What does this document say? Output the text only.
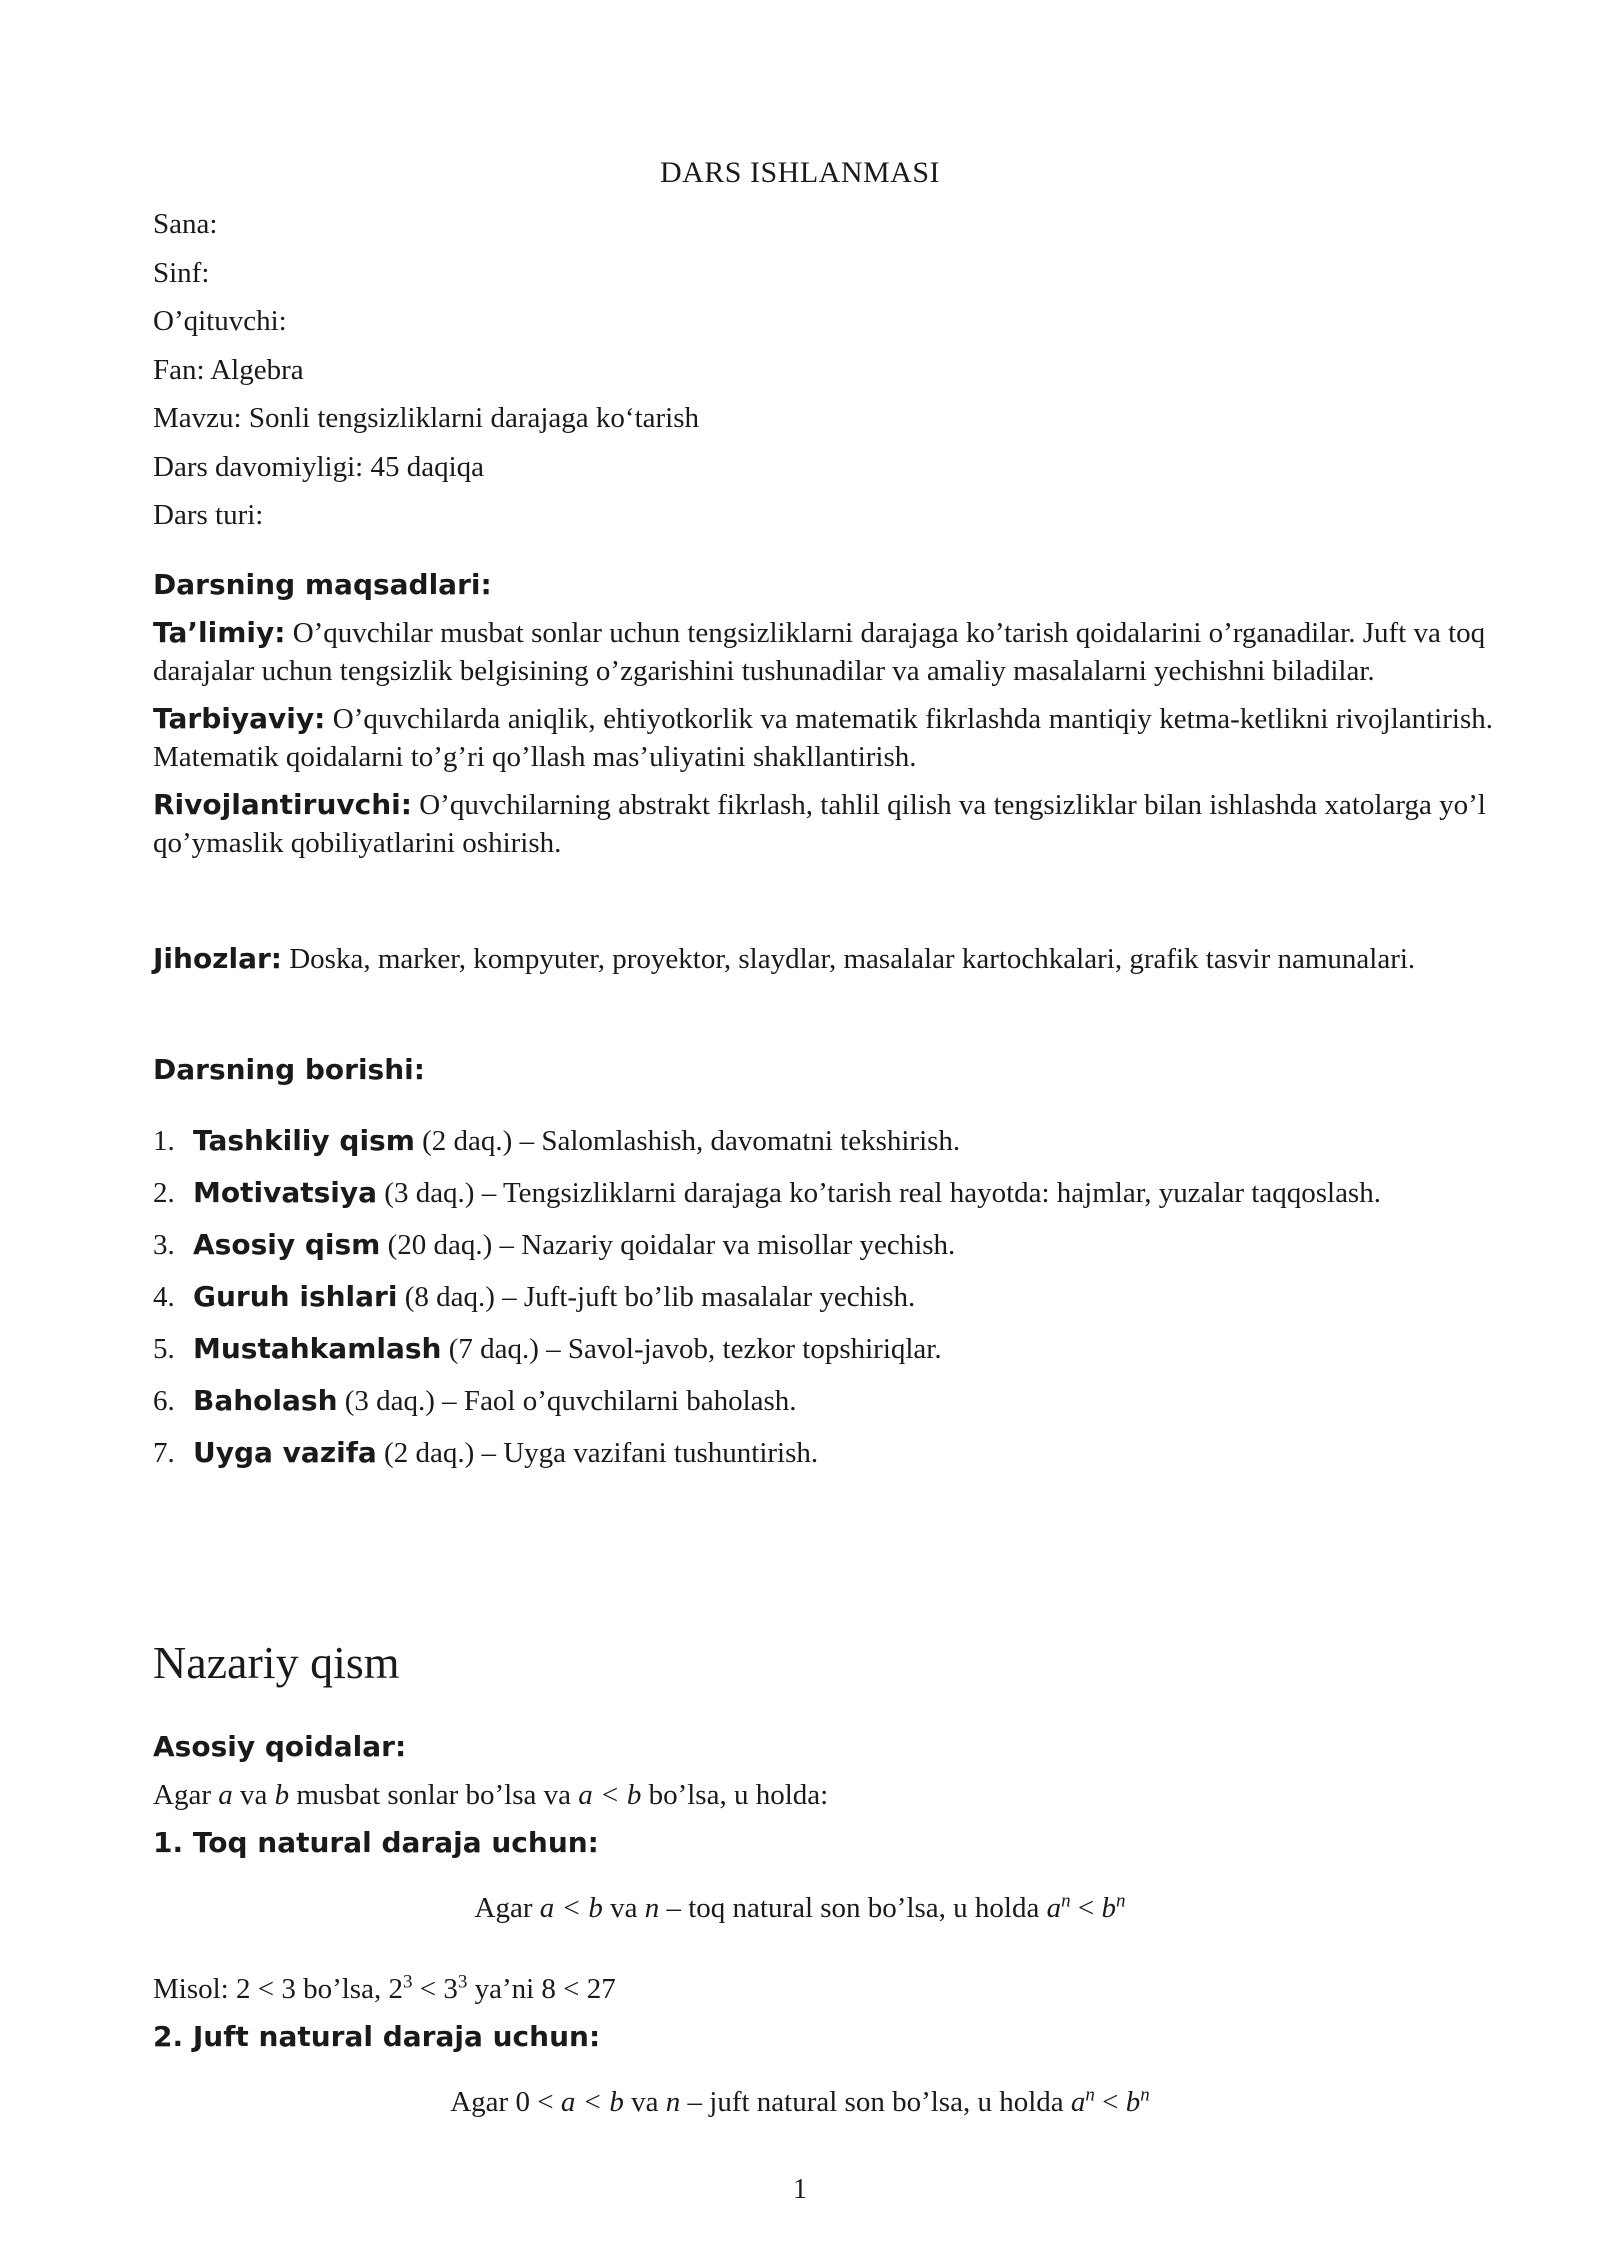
DARS ISHLANMASI
Sana:
Sinf:
O’qituvchi:
Fan: Algebra
Mavzu: Sonli tengsizliklarni darajaga koʻtarish
Dars davomiyligi: 45 daqiqa
Dars turi:
Darsning maqsadlari:
Ta’limiy: O’quvchilar musbat sonlar uchun tengsizliklarni darajaga ko’tarish qoidalarini o’rganadilar. Juft va toq darajalar uchun tengsizlik belgisining o’zgarishini tushunadilar va amaliy masalalarni yechishni biladilar.
Tarbiyaviy: O’quvchilarda aniqlik, ehtiyotkorlik va matematik fikrlashda mantiqiy ketma-ketlikni rivojlantirish. Matematik qoidalarni to’g’ri qo’llash mas’uliyatini shakllantirish.
Rivojlantiruvchi: O’quvchilarning abstrakt fikrlash, tahlil qilish va tengsizliklar bilan ishlashda xatolarga yo’l qo’ymaslik qobiliyatlarini oshirish.
Jihozlar: Doska, marker, kompyuter, proyektor, slaydlar, masalalar kartochkalari, grafik tasvir namunalari.
Darsning borishi:
1. Tashkiliy qism (2 daq.) – Salomlashish, davomatni tekshirish.
2. Motivatsiya (3 daq.) – Tengsizliklarni darajaga ko’tarish real hayotda: hajmlar, yuzalar taqqoslash.
3. Asosiy qism (20 daq.) – Nazariy qoidalar va misollar yechish.
4. Guruh ishlari (8 daq.) – Juft-juft bo’lib masalalar yechish.
5. Mustahkamlash (7 daq.) – Savol-javob, tezkor topshiriqlar.
6. Baholash (3 daq.) – Faol o’quvchilarni baholash.
7. Uyga vazifa (2 daq.) – Uyga vazifani tushuntirish.
Nazariy qism
Asosiy qoidalar:
Agar a va b musbat sonlar bo’lsa va a < b bo’lsa, u holda:
1. Toq natural daraja uchun:
Agar a < b va n – toq natural son bo’lsa, u holda $a^n < b^n$
Misol: 2 < 3 bo’lsa, $2^3 < 3^3$ ya’ni 8 < 27
2. Juft natural daraja uchun:
Agar 0 < a < b va n – juft natural son bo’lsa, u holda $a^n < b^n$
1
